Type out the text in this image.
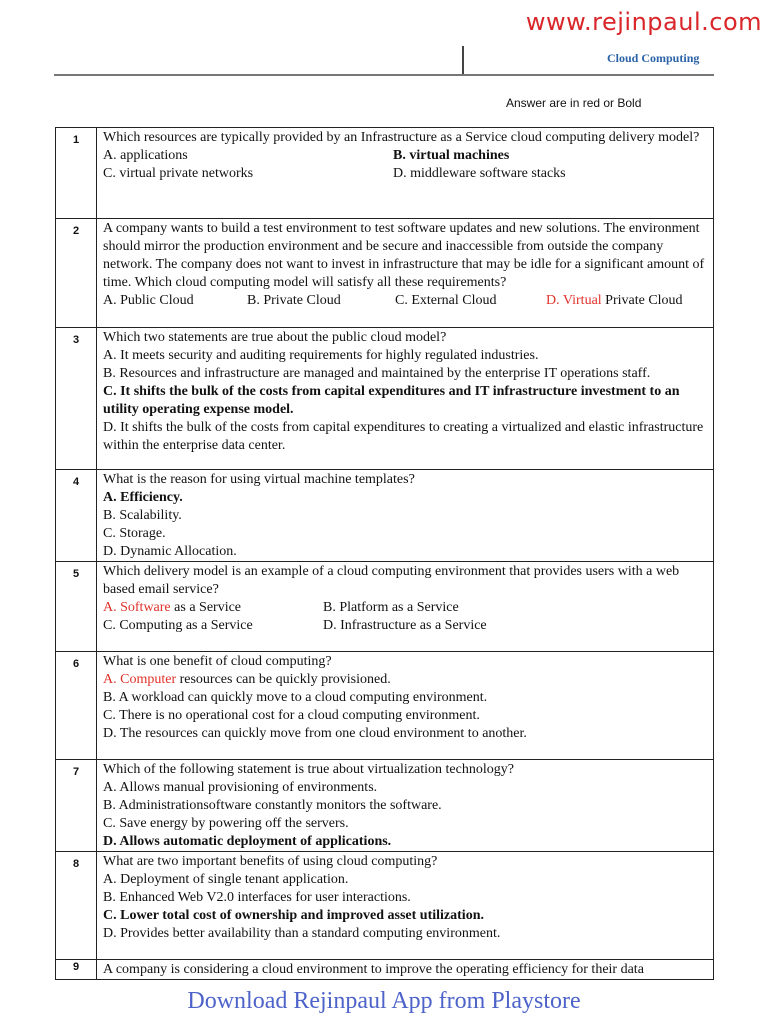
www.rejinpaul.com
Cloud Computing
Answer are in red or Bold
1	Which resources are typically provided by an Infrastructure as a Service cloud computing delivery model?
A. applications B. virtual machines
C. virtual private networks D. middleware software stacks

2	A company wants to build a test environment to test software updates and new solutions. The environment should mirror the production environment and be secure and inaccessible from outside the company network. The company does not want to invest in infrastructure that may be idle for a significant amount of time. Which cloud computing model will satisfy all these requirements?
A. Public Cloud B. Private Cloud C. External Cloud D. Virtual Private Cloud

3	Which two statements are true about the public cloud model?
A. It meets security and auditing requirements for highly regulated industries.
B. Resources and infrastructure are managed and maintained by the enterprise IT operations staff.
C. It shifts the bulk of the costs from capital expenditures and IT infrastructure investment to an utility operating expense model.
D. It shifts the bulk of the costs from capital expenditures to creating a virtualized and elastic infrastructure within the enterprise data center.

4	What is the reason for using virtual machine templates?
A. Efficiency.
B. Scalability.
C. Storage.
D. Dynamic Allocation.

5	Which delivery model is an example of a cloud computing environment that provides users with a web based email service?
A. Software as a Service B. Platform as a Service
C. Computing as a Service D. Infrastructure as a Service

6	What is one benefit of cloud computing?
A. Computer resources can be quickly provisioned.
B. A workload can quickly move to a cloud computing environment.
C. There is no operational cost for a cloud computing environment.
D. The resources can quickly move from one cloud environment to another.

7	Which of the following statement is true about virtualization technology?
A. Allows manual provisioning of environments.
B. Administrationsoftware constantly monitors the software.
C. Save energy by powering off the servers.
D. Allows automatic deployment of applications.

8	What are two important benefits of using cloud computing?
A. Deployment of single tenant application.
B. Enhanced Web V2.0 interfaces for user interactions.
C. Lower total cost of ownership and improved asset utilization.
D. Provides better availability than a standard computing environment.

9	A company is considering a cloud environment to improve the operating efficiency for their data
Download Rejinpaul App from Playstore
